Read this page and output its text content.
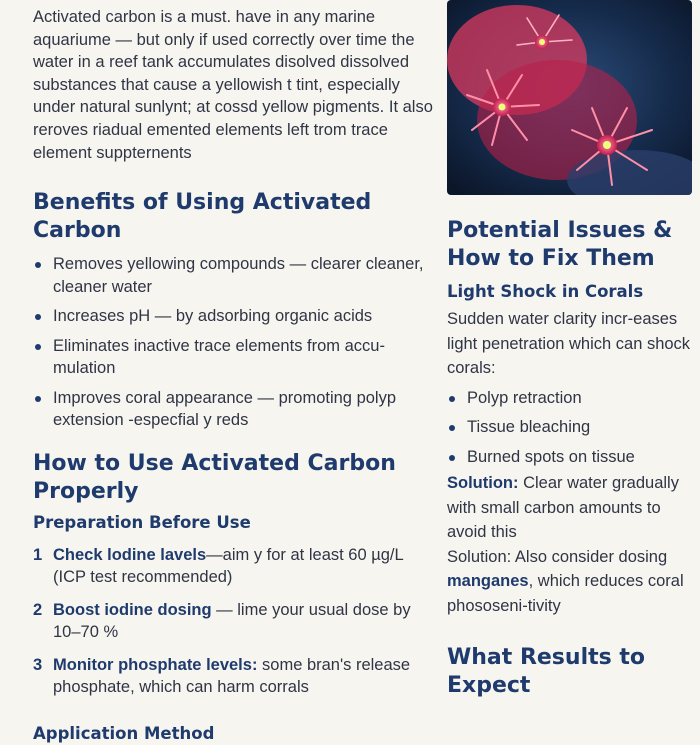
Activated carbon is a must. have in any marine aquariume — but only if used correctly over time the water in a reef tank accumulates disolved dissolved substances that cause a yellowish t tint, especially under natural sunlynt; at cossd yellow pigments. It also reroves riadual emented elements left trom trace element suppternents

Benefits of Using Activated Carbon
Removes yellowing compounds — clearer cleaner, cleaner water
Increases pH — by adsorbing organic acids
Eliminates inactive trace elements from accu-mulation
Improves coral appearance — promoting polyp extension -especfial y reds
How to Use Activated Carbon Properly
Preparation Before Use
1 Check lodine lavels—aim y for at least 60 µg/L (ICP test recommended)
2 Boost iodine dosing — lime your usual dose by 10–70 %
3 Monitor phosphate levels: some bran's release phosphate, which can harm corrals
Application Method
Potential Issues & How to Fix Them
Light Shock in Corals

Sudden water clarity incr-eases light penetration which can shock corals:

Polyp retraction
Tissue bleaching
Burned spots on tissue

Solution: Clear water gradually with small carbon amounts to avoid this

Solution: Also consider dosing manganes, which reduces coral phososeni-tivity

What Results to Expect
